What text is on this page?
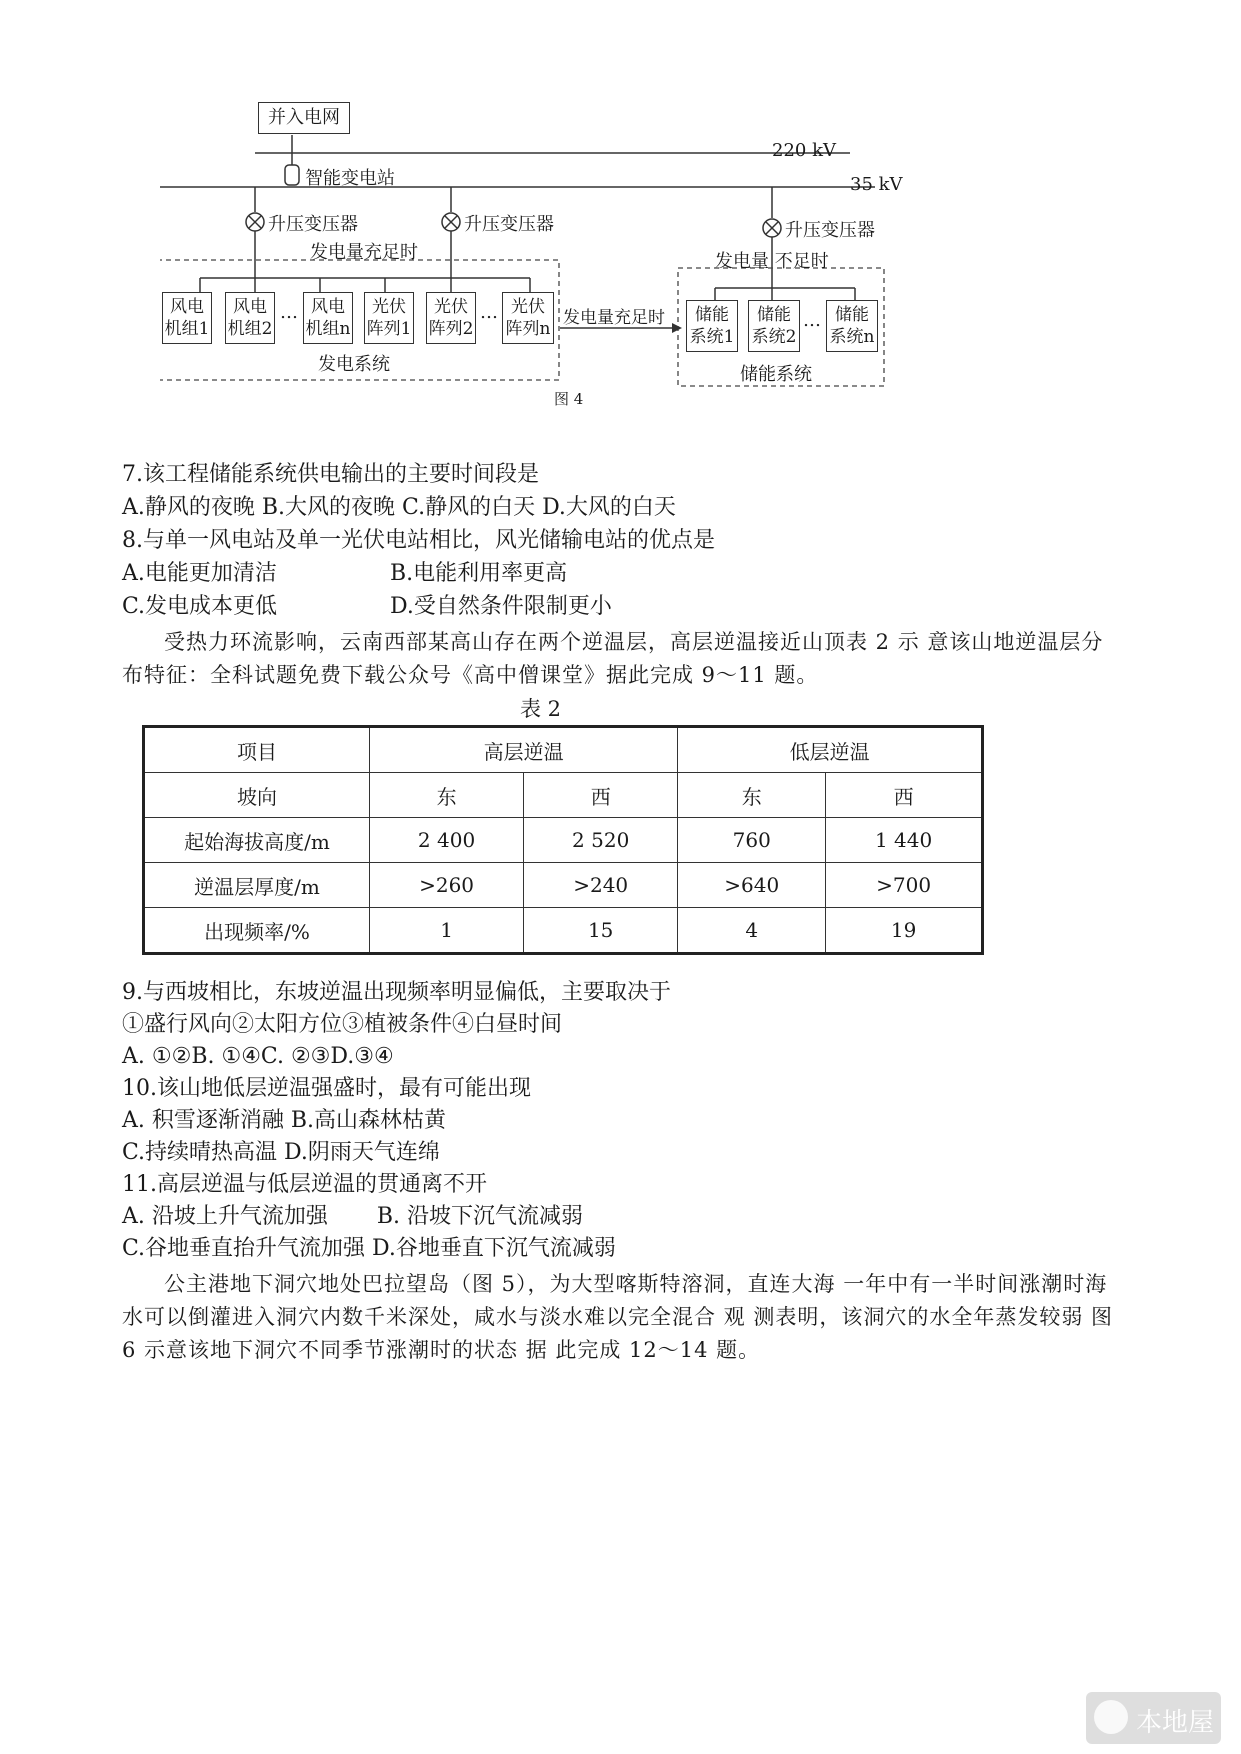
并入电网
220 kV
智能变电站	35 kV
升压变压器	升压变压器	升压变压器
发电量充足时	发电量 不足时
发电量充足时
风电机组1
风电机组2
… 风电机组n
光伏阵列1
光伏阵列2
… 光伏阵列n
储能系统1
储能系统2
… 储能系统n
发电系统	储能系统
图 4
7.该工程储能系统供电输出的主要时间段是
A.静风的夜晚 B.大风的夜晚 C.静风的白天 D.大风的白天
8.与单一风电站及单一光伏电站相比，风光储输电站的优点是
A.电能更加清洁	B.电能利用率更高
C.发电成本更低	D.受自然条件限制更小
受热力环流影响，云南西部某高山存在两个逆温层，高层逆温接近山顶表 2 示 意该山地逆温层分布特征：全科试题免费下载公众号《高中僧课堂》据此完成 9～11 题。
表 2
项目	高层逆温		低层逆温	
坡向	东	西	东	西
起始海拔高度/m	2 400	2 520	760	1 440
逆温层厚度/m	>260	>240	>640	>700
出现频率/%	1	15	4	19
9.与西坡相比，东坡逆温出现频率明显偏低，主要取决于
①盛行风向②太阳方位③植被条件④白昼时间
A. ①②B. ①④C. ②③D.③④
10.该山地低层逆温强盛时，最有可能出现
A. 积雪逐渐消融 B.高山森林枯黄
C.持续晴热高温 D.阴雨天气连绵
11.高层逆温与低层逆温的贯通离不开
A. 沿坡上升气流加强       B. 沿坡下沉气流减弱
C.谷地垂直抬升气流加强 D.谷地垂直下沉气流减弱
公主港地下洞穴地处巴拉望岛（图 5），为大型喀斯特溶洞，直连大海 一年中有一半时间涨潮时海水可以倒灌进入洞穴内数千米深处，咸水与淡水难以完全混合 观 测表明，该洞穴的水全年蒸发较弱 图 6 示意该地下洞穴不同季节涨潮时的状态 据 此完成 12～14 题。
本地屋
